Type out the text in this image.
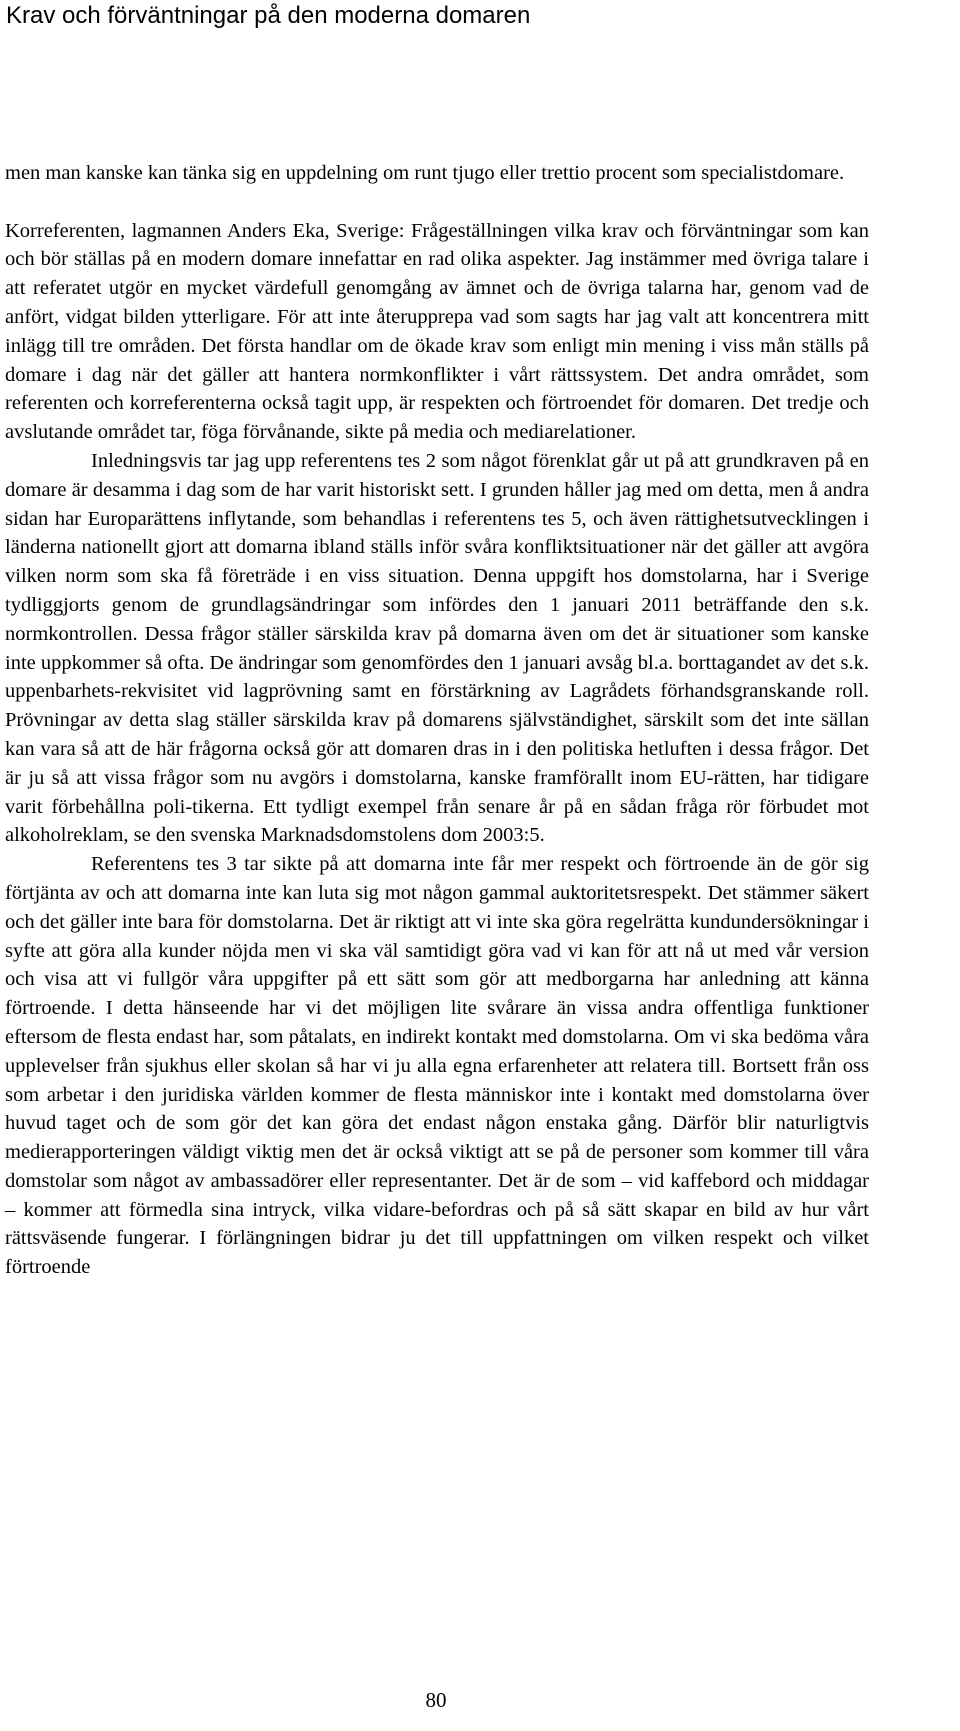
Krav och förväntningar på den moderna domaren

men man kanske kan tänka sig en uppdelning om runt tjugo eller trettio procent som specialistdomare.

Korreferenten, lagmannen Anders Eka, Sverige: Frågeställningen vilka krav och förväntningar som kan och bör ställas på en modern domare innefattar en rad olika aspekter. Jag instämmer med övriga talare i att referatet utgör en mycket värdefull genomgång av ämnet och de övriga talarna har, genom vad de anfört, vidgat bilden ytterligare. För att inte återupprepa vad som sagts har jag valt att koncentrera mitt inlägg till tre områden. Det första handlar om de ökade krav som enligt min mening i viss mån ställs på domare i dag när det gäller att hantera normkonflikter i vårt rättssystem. Det andra området, som referenten och korreferenterna också tagit upp, är respekten och förtroendet för domaren. Det tredje och avslutande området tar, föga förvånande, sikte på media och mediarelationer.

Inledningsvis tar jag upp referentens tes 2 som något förenklat går ut på att grundkraven på en domare är desamma i dag som de har varit historiskt sett. I grunden håller jag med om detta, men å andra sidan har Europarättens inflytande, som behandlas i referentens tes 5, och även rättighetsutvecklingen i länderna nationellt gjort att domarna ibland ställs inför svåra konfliktsituationer när det gäller att avgöra vilken norm som ska få företräde i en viss situation. Denna uppgift hos domstolarna, har i Sverige tydliggjorts genom de grundlagsändringar som infördes den 1 januari 2011 beträffande den s.k. normkontrollen. Dessa frågor ställer särskilda krav på domarna även om det är situationer som kanske inte uppkommer så ofta. De ändringar som genomfördes den 1 januari avsåg bl.a. borttagandet av det s.k. uppenbarhets-rekvisitet vid lagprövning samt en förstärkning av Lagrådets förhandsgranskande roll. Prövningar av detta slag ställer särskilda krav på domarens självständighet, särskilt som det inte sällan kan vara så att de här frågorna också gör att domaren dras in i den politiska hetluften i dessa frågor. Det är ju så att vissa frågor som nu avgörs i domstolarna, kanske framförallt inom EU-rätten, har tidigare varit förbehållna poli-tikerna. Ett tydligt exempel från senare år på en sådan fråga rör förbudet mot alkoholreklam, se den svenska Marknadsdomstolens dom 2003:5.

Referentens tes 3 tar sikte på att domarna inte får mer respekt och förtroende än de gör sig förtjänta av och att domarna inte kan luta sig mot någon gammal auktoritetsrespekt. Det stämmer säkert och det gäller inte bara för domstolarna. Det är riktigt att vi inte ska göra regelrätta kundundersökningar i syfte att göra alla kunder nöjda men vi ska väl samtidigt göra vad vi kan för att nå ut med vår version och visa att vi fullgör våra uppgifter på ett sätt som gör att medborgarna har anledning att känna förtroende. I detta hänseende har vi det möjligen lite svårare än vissa andra offentliga funktioner eftersom de flesta endast har, som påtalats, en indirekt kontakt med domstolarna. Om vi ska bedöma våra upplevelser från sjukhus eller skolan så har vi ju alla egna erfarenheter att relatera till. Bortsett från oss som arbetar i den juridiska världen kommer de flesta människor inte i kontakt med domstolarna över huvud taget och de som gör det kan göra det endast någon enstaka gång. Därför blir naturligtvis medierapporteringen väldigt viktig men det är också viktigt att se på de personer som kommer till våra domstolar som något av ambassadörer eller representanter. Det är de som – vid kaffebord och middagar – kommer att förmedla sina intryck, vilka vidare-befordras och på så sätt skapar en bild av hur vårt rättsväsende fungerar. I förlängningen bidrar ju det till uppfattningen om vilken respekt och vilket förtroende

80
